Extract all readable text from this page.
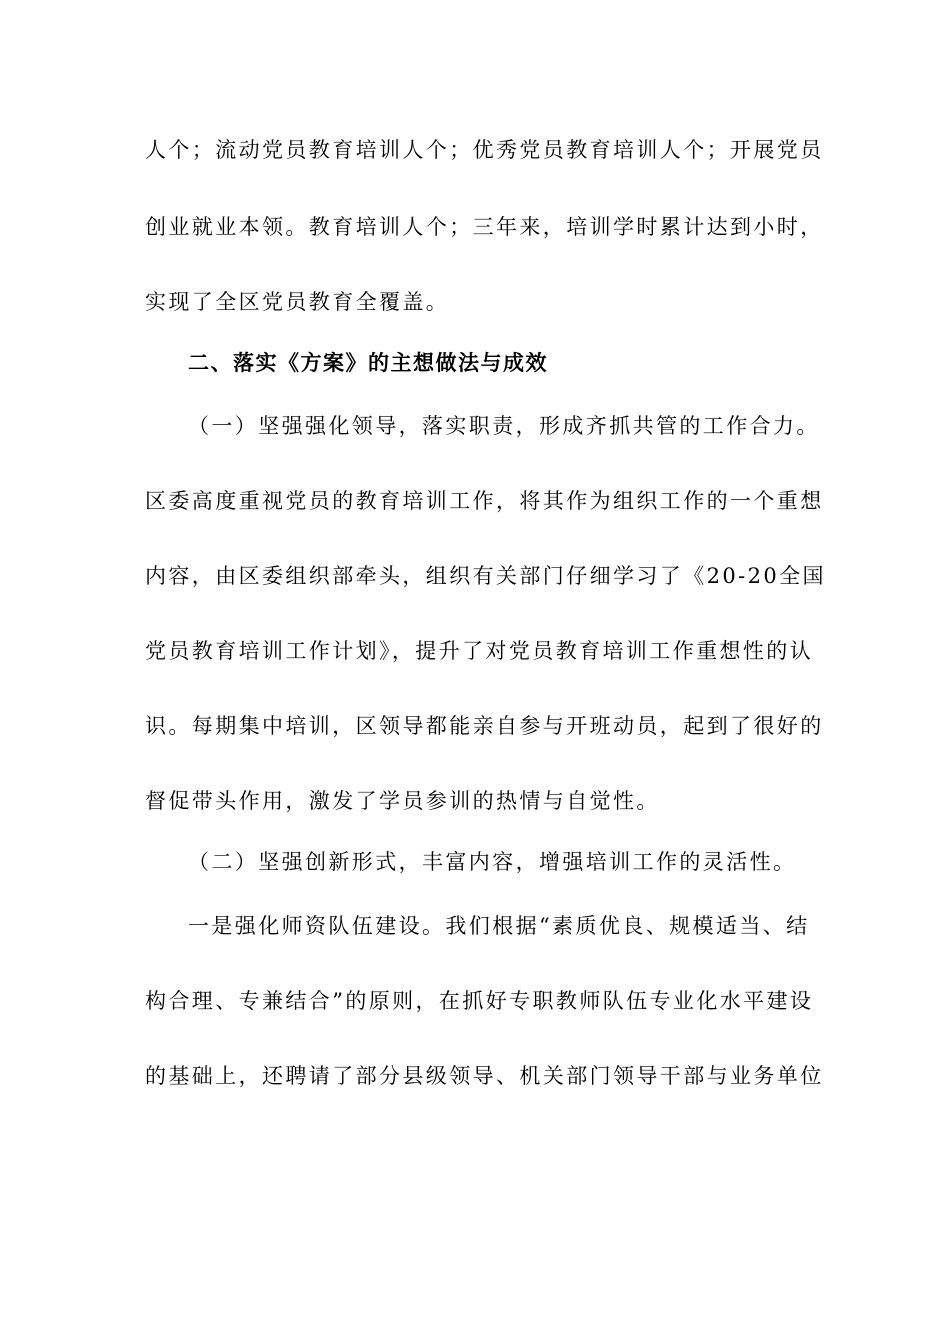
人个；流动党员教育培训人个；优秀党员教育培训人个；开展党员
创业就业本领。教育培训人个；三年来，培训学时累计达到小时，
实现了全区党员教育全覆盖。
二、落实《方案》的主想做法与成效
（一）坚强强化领导，落实职责，形成齐抓共管的工作合力。
区委高度重视党员的教育培训工作，将其作为组织工作的一个重想
内容，由区委组织部牵头，组织有关部门仔细学习了《20-20全国
党员教育培训工作计划》，提升了对党员教育培训工作重想性的认
识。每期集中培训，区领导都能亲自参与开班动员，起到了很好的
督促带头作用，激发了学员参训的热情与自觉性。
（二）坚强创新形式，丰富内容，增强培训工作的灵活性。
一是强化师资队伍建设。我们根据“素质优良、规模适当、结
构合理、专兼结合”的原则，在抓好专职教师队伍专业化水平建设
的基础上，还聘请了部分县级领导、机关部门领导干部与业务单位
